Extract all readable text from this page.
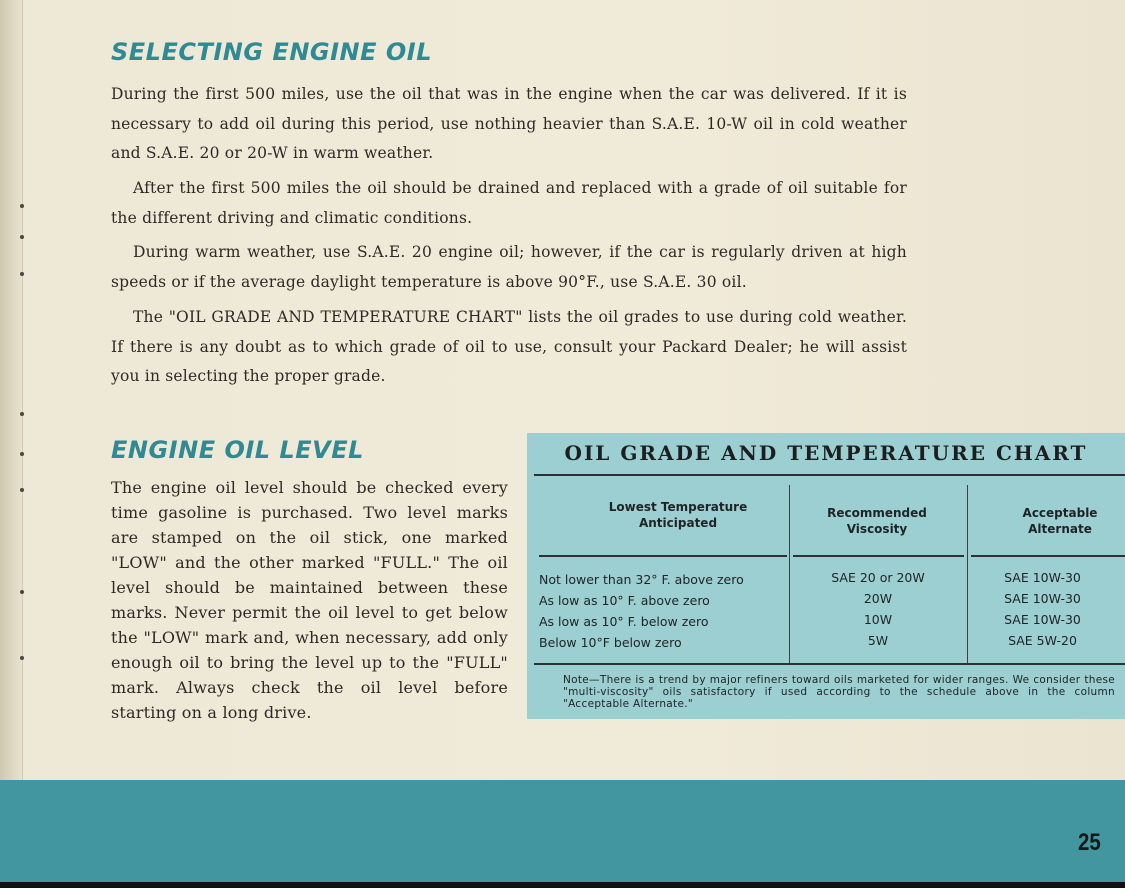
SELECTING ENGINE OIL

During the first 500 miles, use the oil that was in the engine when the car was delivered. If it is necessary to add oil during this period, use nothing heavier than S.A.E. 10-W oil in cold weather and S.A.E. 20 or 20-W in warm weather.

After the first 500 miles the oil should be drained and replaced with a grade of oil suitable for the different driving and climatic conditions.

During warm weather, use S.A.E. 20 engine oil; however, if the car is regularly driven at high speeds or if the average daylight temperature is above 90°F., use S.A.E. 30 oil.

The "OIL GRADE AND TEMPERATURE CHART" lists the oil grades to use during cold weather. If there is any doubt as to which grade of oil to use, consult your Packard Dealer; he will assist you in selecting the proper grade.

ENGINE OIL LEVEL

The engine oil level should be checked every time gasoline is purchased. Two level marks are stamped on the oil stick, one marked "LOW" and the other marked "FULL." The oil level should be maintained between these marks. Never permit the oil level to get below the "LOW" mark and, when necessary, add only enough oil to bring the level up to the "FULL" mark. Always check the oil level before starting on a long drive.

OIL GRADE AND TEMPERATURE CHART
Lowest Temperature Anticipated
Recommended Viscosity
Acceptable Alternate
Not lower than 32° F. above zero	SAE 20 or 20W	SAE 10W-30
As low as 10° F. above zero	20W	SAE 10W-30
As low as 10° F. below zero	10W	SAE 10W-30
Below 10°F below zero	5W	SAE 5W-20
Note—There is a trend by major refiners toward oils marketed for wider ranges. We consider these "multi-viscosity" oils satisfactory if used according to the schedule above in the column "Acceptable Alternate."
25
